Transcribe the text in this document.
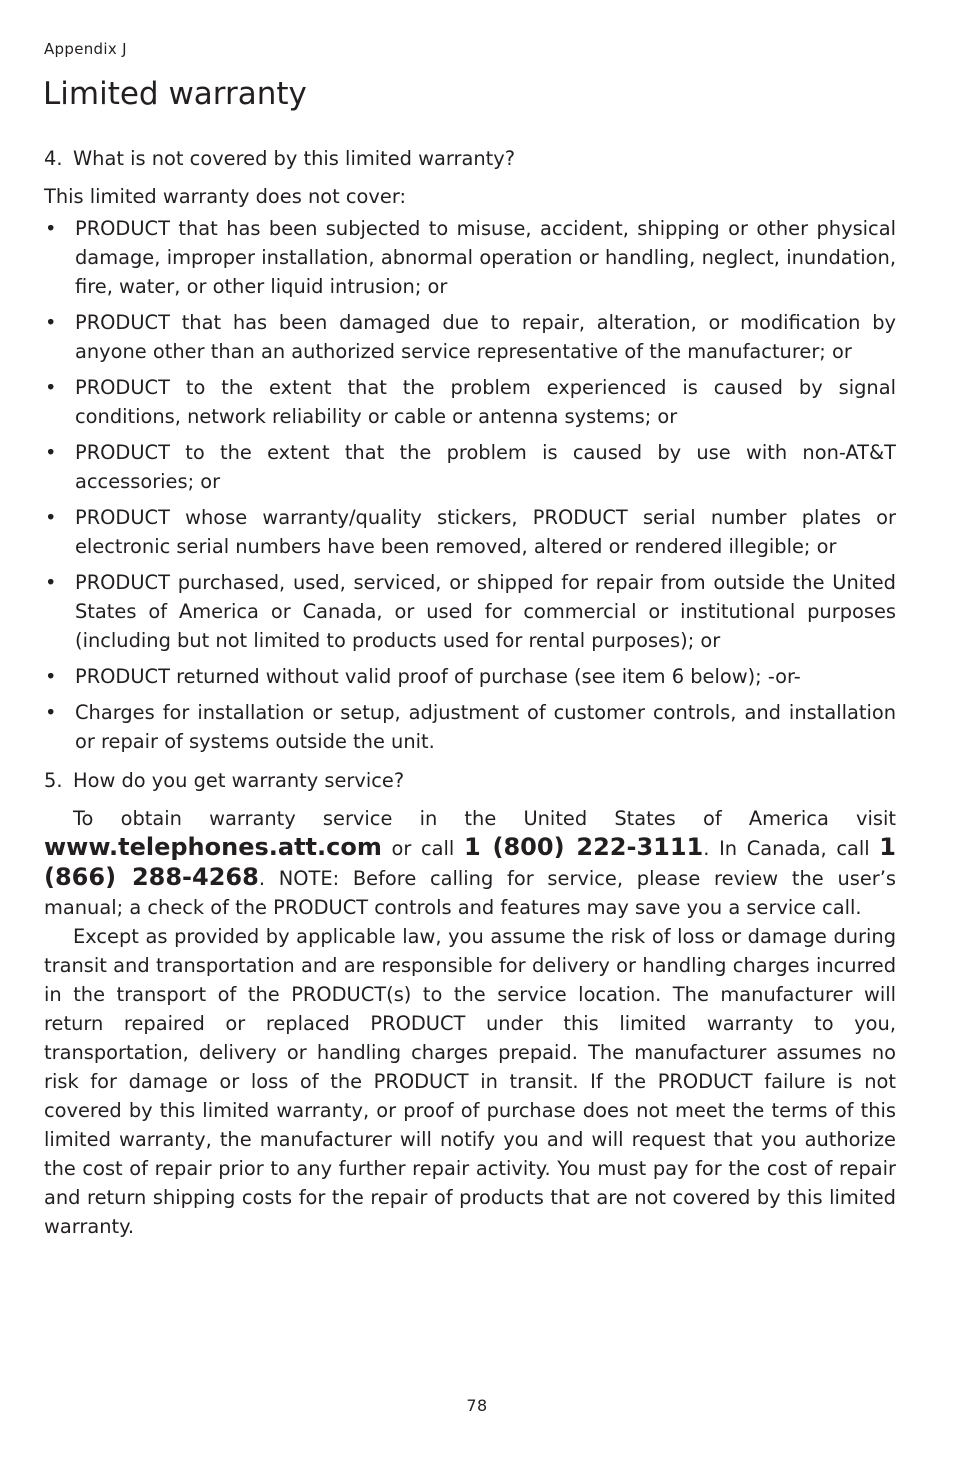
Appendix J
Limited warranty

4. What is not covered by this limited warranty?

This limited warranty does not cover:

• PRODUCT that has been subjected to misuse, accident, shipping or other physical damage, improper installation, abnormal operation or handling, neglect, inundation, fire, water, or other liquid intrusion; or
• PRODUCT that has been damaged due to repair, alteration, or modification by anyone other than an authorized service representative of the manufacturer; or
• PRODUCT to the extent that the problem experienced is caused by signal conditions, network reliability or cable or antenna systems; or
• PRODUCT to the extent that the problem is caused by use with non-AT&T accessories; or
• PRODUCT whose warranty/quality stickers, PRODUCT serial number plates or electronic serial numbers have been removed, altered or rendered illegible; or
• PRODUCT purchased, used, serviced, or shipped for repair from outside the United States of America or Canada, or used for commercial or institutional purposes (including but not limited to products used for rental purposes); or
• PRODUCT returned without valid proof of purchase (see item 6 below); -or-
• Charges for installation or setup, adjustment of customer controls, and installation or repair of systems outside the unit.

5. How do you get warranty service?

To obtain warranty service in the United States of America visit www.telephones.att.com or call 1 (800) 222-3111. In Canada, call 1 (866) 288-4268. NOTE: Before calling for service, please review the user’s manual; a check of the PRODUCT controls and features may save you a service call.

Except as provided by applicable law, you assume the risk of loss or damage during transit and transportation and are responsible for delivery or handling charges incurred in the transport of the PRODUCT(s) to the service location. The manufacturer will return repaired or replaced PRODUCT under this limited warranty to you, transportation, delivery or handling charges prepaid. The manufacturer assumes no risk for damage or loss of the PRODUCT in transit. If the PRODUCT failure is not covered by this limited warranty, or proof of purchase does not meet the terms of this limited warranty, the manufacturer will notify you and will request that you authorize the cost of repair prior to any further repair activity. You must pay for the cost of repair and return shipping costs for the repair of products that are not covered by this limited warranty.

78
